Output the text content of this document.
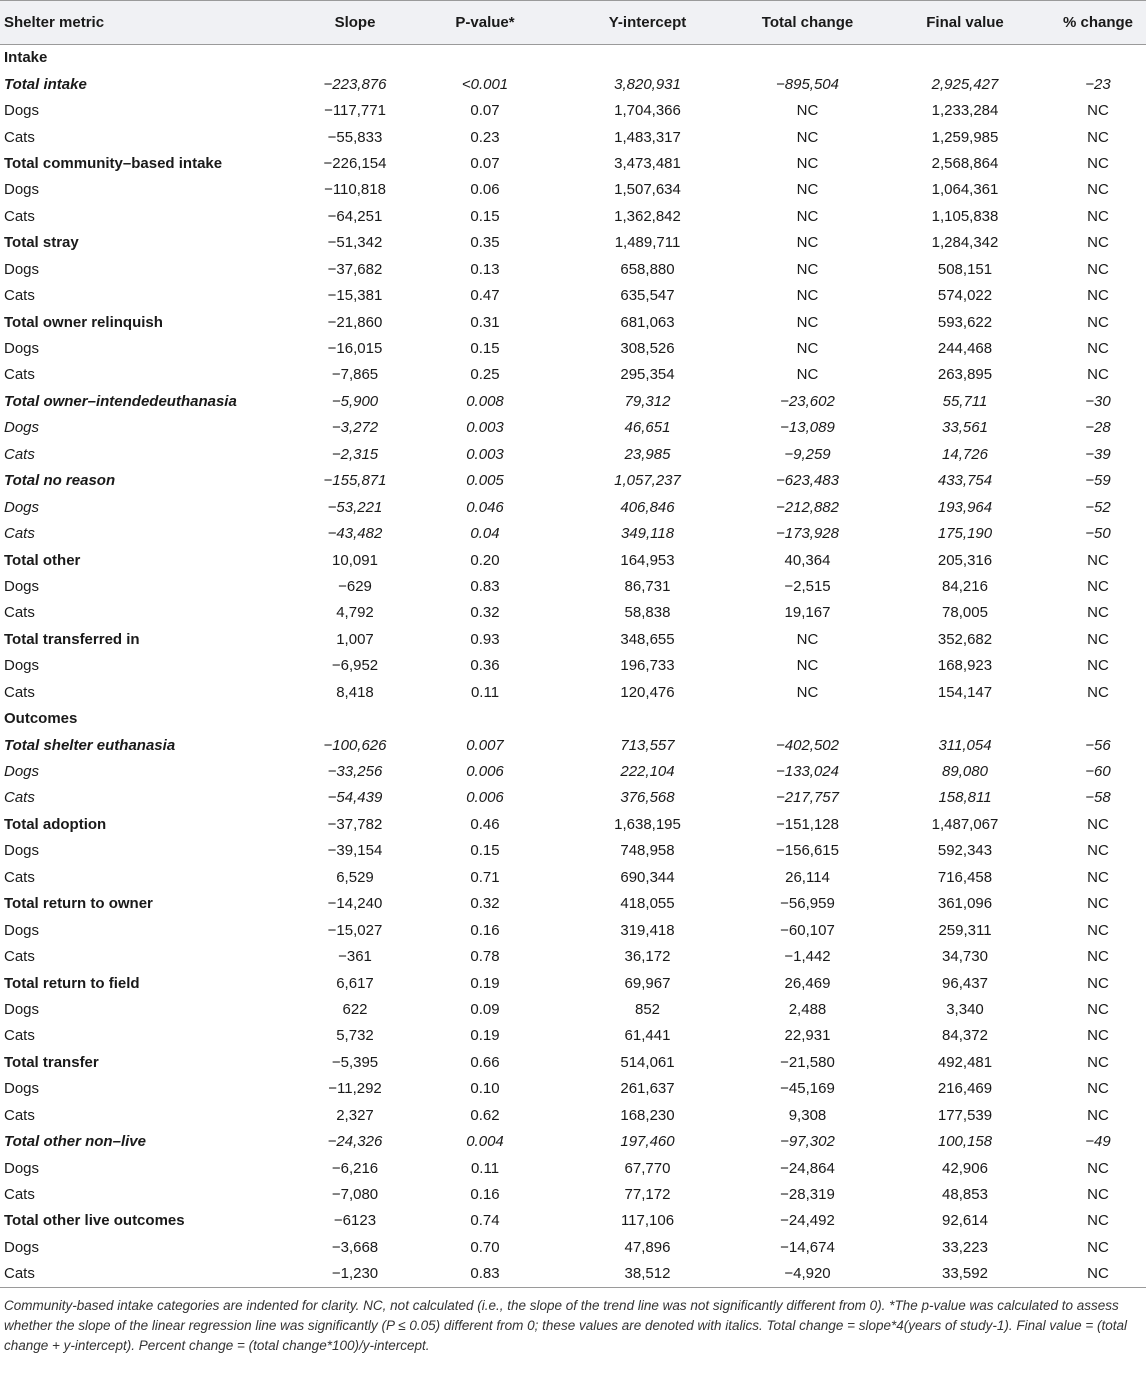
Shelter metric	Slope	P-value*	Y-intercept	Total change	Final value	% change
Intake						
Total intake	−223,876	<0.001	3,820,931	−895,504	2,925,427	−23
Dogs	−117,771	0.07	1,704,366	NC	1,233,284	NC
Cats	−55,833	0.23	1,483,317	NC	1,259,985	NC
Total community–based intake	−226,154	0.07	3,473,481	NC	2,568,864	NC
Dogs	−110,818	0.06	1,507,634	NC	1,064,361	NC
Cats	−64,251	0.15	1,362,842	NC	1,105,838	NC
Total stray	−51,342	0.35	1,489,711	NC	1,284,342	NC
Dogs	−37,682	0.13	658,880	NC	508,151	NC
Cats	−15,381	0.47	635,547	NC	574,022	NC
Total owner relinquish	−21,860	0.31	681,063	NC	593,622	NC
Dogs	−16,015	0.15	308,526	NC	244,468	NC
Cats	−7,865	0.25	295,354	NC	263,895	NC
Total owner–intendedeuthanasia	−5,900	0.008	79,312	−23,602	55,711	−30
Dogs	−3,272	0.003	46,651	−13,089	33,561	−28
Cats	−2,315	0.003	23,985	−9,259	14,726	−39
Total no reason	−155,871	0.005	1,057,237	−623,483	433,754	−59
Dogs	−53,221	0.046	406,846	−212,882	193,964	−52
Cats	−43,482	0.04	349,118	−173,928	175,190	−50
Total other	10,091	0.20	164,953	40,364	205,316	NC
Dogs	−629	0.83	86,731	−2,515	84,216	NC
Cats	4,792	0.32	58,838	19,167	78,005	NC
Total transferred in	1,007	0.93	348,655	NC	352,682	NC
Dogs	−6,952	0.36	196,733	NC	168,923	NC
Cats	8,418	0.11	120,476	NC	154,147	NC
Outcomes						
Total shelter euthanasia	−100,626	0.007	713,557	−402,502	311,054	−56
Dogs	−33,256	0.006	222,104	−133,024	89,080	−60
Cats	−54,439	0.006	376,568	−217,757	158,811	−58
Total adoption	−37,782	0.46	1,638,195	−151,128	1,487,067	NC
Dogs	−39,154	0.15	748,958	−156,615	592,343	NC
Cats	6,529	0.71	690,344	26,114	716,458	NC
Total return to owner	−14,240	0.32	418,055	−56,959	361,096	NC
Dogs	−15,027	0.16	319,418	−60,107	259,311	NC
Cats	−361	0.78	36,172	−1,442	34,730	NC
Total return to field	6,617	0.19	69,967	26,469	96,437	NC
Dogs	622	0.09	852	2,488	3,340	NC
Cats	5,732	0.19	61,441	22,931	84,372	NC
Total transfer	−5,395	0.66	514,061	−21,580	492,481	NC
Dogs	−11,292	0.10	261,637	−45,169	216,469	NC
Cats	2,327	0.62	168,230	9,308	177,539	NC
Total other non–live	−24,326	0.004	197,460	−97,302	100,158	−49
Dogs	−6,216	0.11	67,770	−24,864	42,906	NC
Cats	−7,080	0.16	77,172	−28,319	48,853	NC
Total other live outcomes	−6123	0.74	117,106	−24,492	92,614	NC
Dogs	−3,668	0.70	47,896	−14,674	33,223	NC
Cats	−1,230	0.83	38,512	−4,920	33,592	NC
Community-based intake categories are indented for clarity. NC, not calculated (i.e., the slope of the trend line was not significantly different from 0). *The p-value was calculated to assess whether the slope of the linear regression line was significantly (P ≤ 0.05) different from 0; these values are denoted with italics. Total change = slope*4(years of study-1). Final value = (total change + y-intercept). Percent change = (total change*100)/y-intercept.
